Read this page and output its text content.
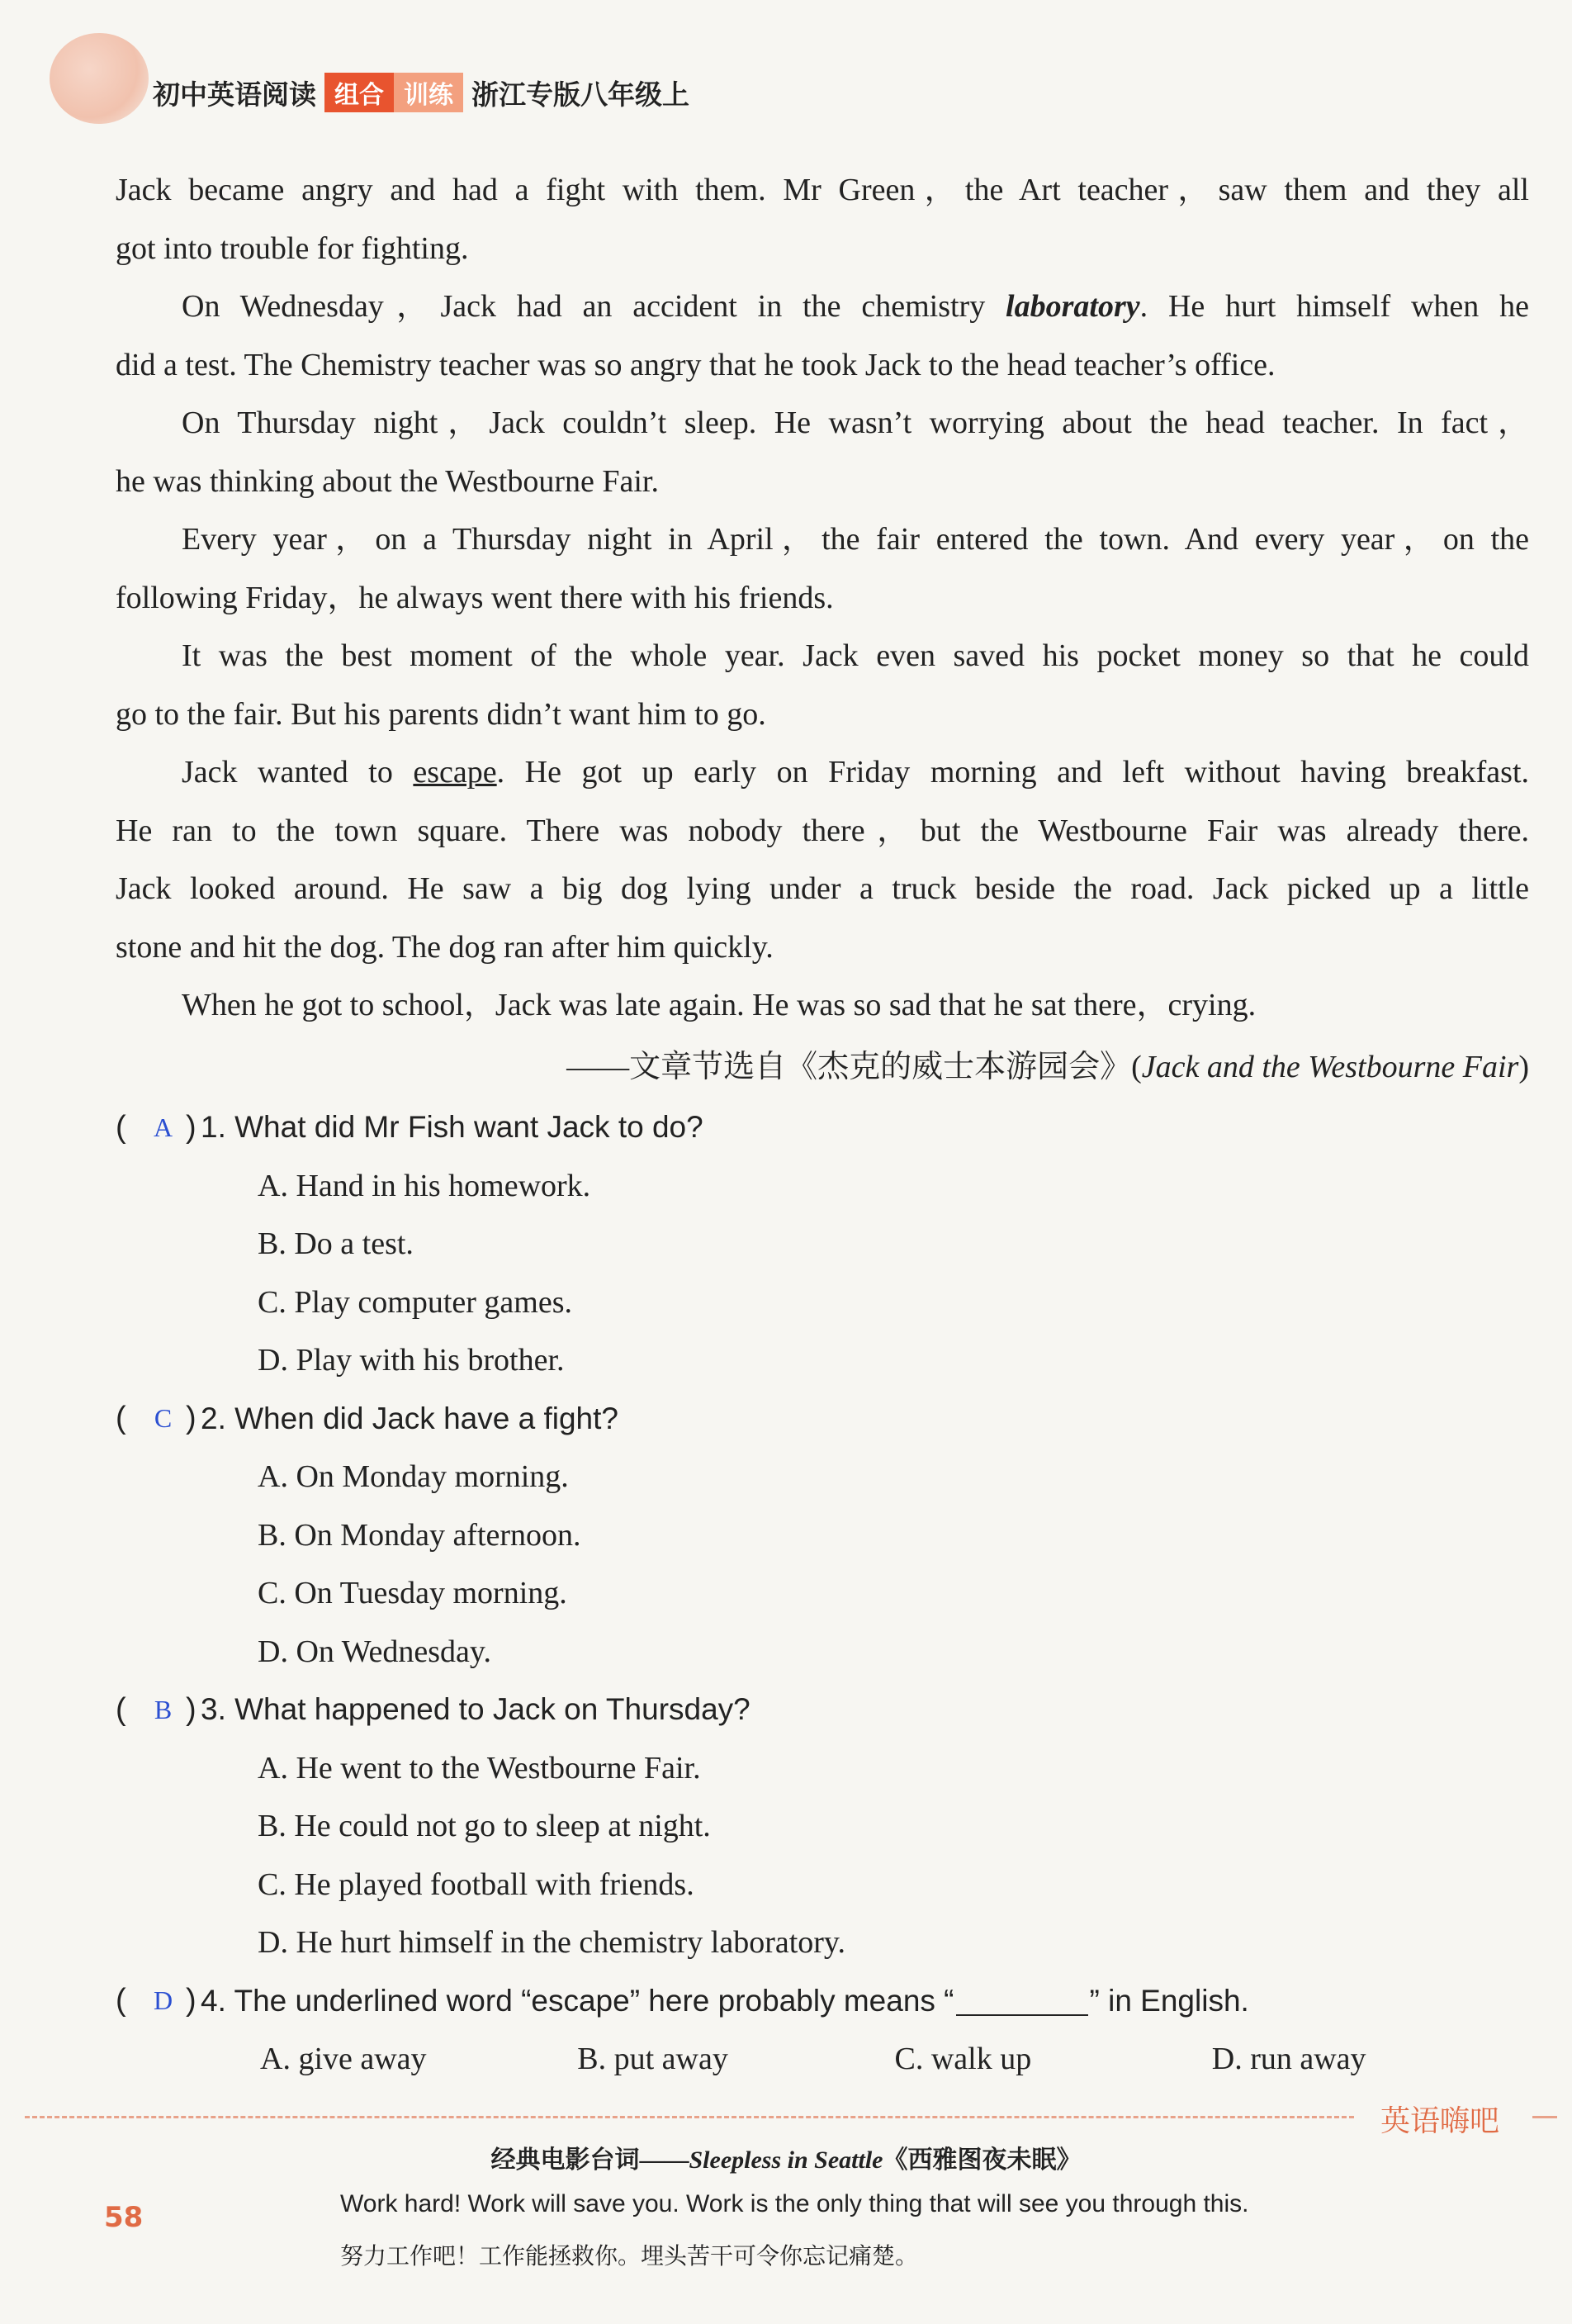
初中英语阅读 组合 训练 浙江专版八年级上

Jack became angry and had a fight with them. Mr Green，the Art teacher，saw them and they all

got into trouble for fighting.

On Wednesday，Jack had an accident in the chemistry laboratory. He hurt himself when he

did a test. The Chemistry teacher was so angry that he took Jack to the head teacher’s office.

On Thursday night，Jack couldn’t sleep. He wasn’t worrying about the head teacher. In fact，

he was thinking about the Westbourne Fair.

Every year，on a Thursday night in April，the fair entered the town. And every year，on the

following Friday，he always went there with his friends.

It was the best moment of the whole year. Jack even saved his pocket money so that he could

go to the fair. But his parents didn’t want him to go.

Jack wanted to escape. He got up early on Friday morning and left without having breakfast.

He ran to the town square. There was nobody there，but the Westbourne Fair was already there.

Jack looked around. He saw a big dog lying under a truck beside the road. Jack picked up a little

stone and hit the dog. The dog ran after him quickly.

When he got to school，Jack was late again. He was so sad that he sat there，crying.

——文章节选自《杰克的威士本游园会》(Jack and the Westbourne Fair)
(	A ) 1. What did Mr Fish want Jack to do?
A. Hand in his homework.
B. Do a test.
C. Play computer games.
D. Play with his brother.
(	C ) 2. When did Jack have a fight?
A. On Monday morning.
B. On Monday afternoon.
C. On Tuesday morning.
D. On Wednesday.
(	B ) 3. What happened to Jack on Thursday?
A. He went to the Westbourne Fair.
B. He could not go to sleep at night.
C. He played football with friends.
D. He hurt himself in the chemistry laboratory.
(	D ) 4. The underlined word “escape” here probably means “	” in English.
A. give away	B. put away	C. walk up	D. run away
英语嗨吧
经典电影台词——Sleepless in Seattle《西雅图夜未眠》
58	Work hard! Work will save you. Work is the only thing that will see you through this.
努力工作吧！工作能拯救你。埋头苦干可令你忘记痛楚。
